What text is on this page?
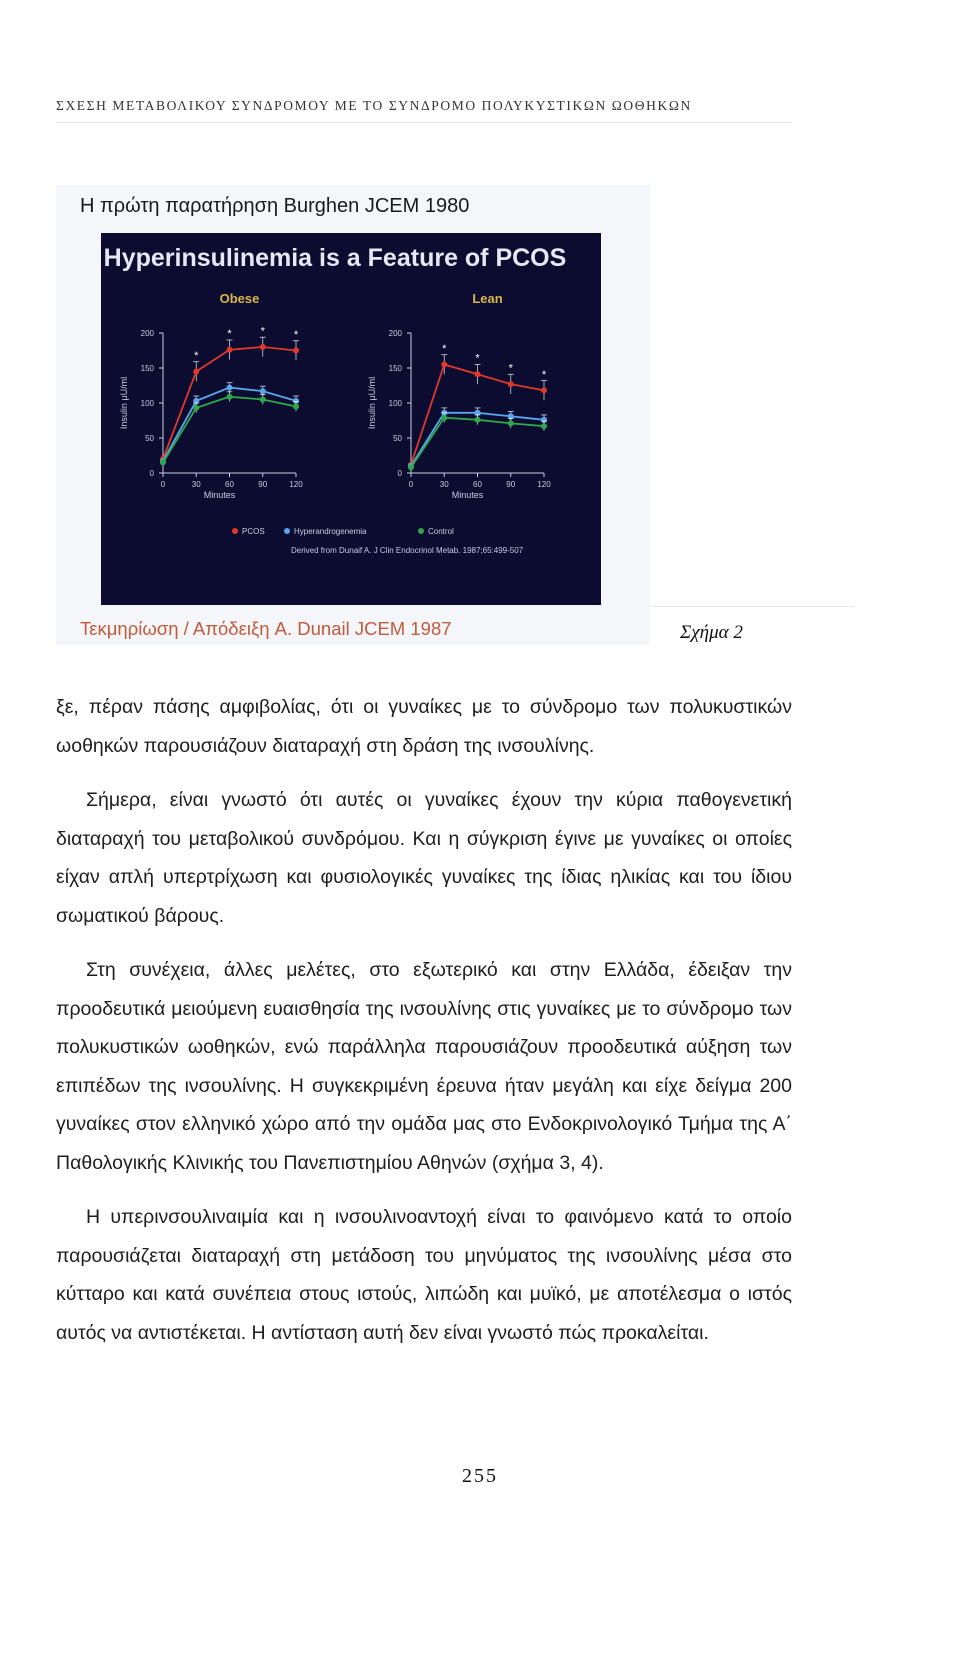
ΣΧΕΣΗ ΜΕΤΑΒΟΛΙΚΟΥ ΣΥΝΔΡΟΜΟΥ ΜΕ ΤΟ ΣΥΝΔΡΟΜΟ ΠΟΛΥΚΥΣΤΙΚΩΝ ΩΟΘΗΚΩΝ
Η πρώτη παρατήρηση Burghen JCEM 1980
Hyperinsulinemia is a Feature of PCOS
Obese
0
50
100
150
200
0	30	60	90	120
Minutes
Insulin µU/ml
*
*	*	*
Lean
0
50
100
150
200
0	30	60	90	120
Minutes
Insulin µU/ml
*
*
*
*
PCOS	Hyperandrogenemia	Control
Derived from Dunaif A. J Clin Endocrinol Metab. 1987;65:499-507
Τεκμηρίωση / Απόδειξη A. Dunail JCEM 1987	Σχήμα 2

ξε, πέραν πάσης αμφιβολίας, ότι οι γυναίκες με το σύνδρομο των πολυκυστικών ωοθηκών παρουσιάζουν διαταραχή στη δράση της ινσουλίνης.

Σήμερα, είναι γνωστό ότι αυτές οι γυναίκες έχουν την κύρια παθογενετική διαταραχή του μεταβολικού συνδρόμου. Και η σύγκριση έγινε με γυναίκες οι οποίες είχαν απλή υπερτρίχωση και φυσιολογικές γυναίκες της ίδιας ηλικίας και του ίδιου σωματικού βάρους.

Στη συνέχεια, άλλες μελέτες, στο εξωτερικό και στην Ελλάδα, έδειξαν την προοδευτικά μειούμενη ευαισθησία της ινσουλίνης στις γυναίκες με το σύνδρομο των πολυκυστικών ωοθηκών, ενώ παράλληλα παρουσιάζουν προοδευτικά αύξηση των επιπέδων της ινσουλίνης. Η συγκεκριμένη έρευνα ήταν μεγάλη και είχε δείγμα 200 γυναίκες στον ελληνικό χώρο από την ομάδα μας στο Ενδοκρινολογικό Τμήμα της Α΄ Παθολογικής Κλινικής του Πανεπιστημίου Αθηνών (σχήμα 3, 4).

Η υπερινσουλιναιμία και η ινσουλινοαντοχή είναι το φαινόμενο κατά το οποίο παρουσιάζεται διαταραχή στη μετάδοση του μηνύματος της ινσουλίνης μέσα στο κύτταρο και κατά συνέπεια στους ιστούς, λιπώδη και μυϊκό, με αποτέλεσμα ο ιστός αυτός να αντιστέκεται. Η αντίσταση αυτή δεν είναι γνωστό πώς προκαλείται.

255
